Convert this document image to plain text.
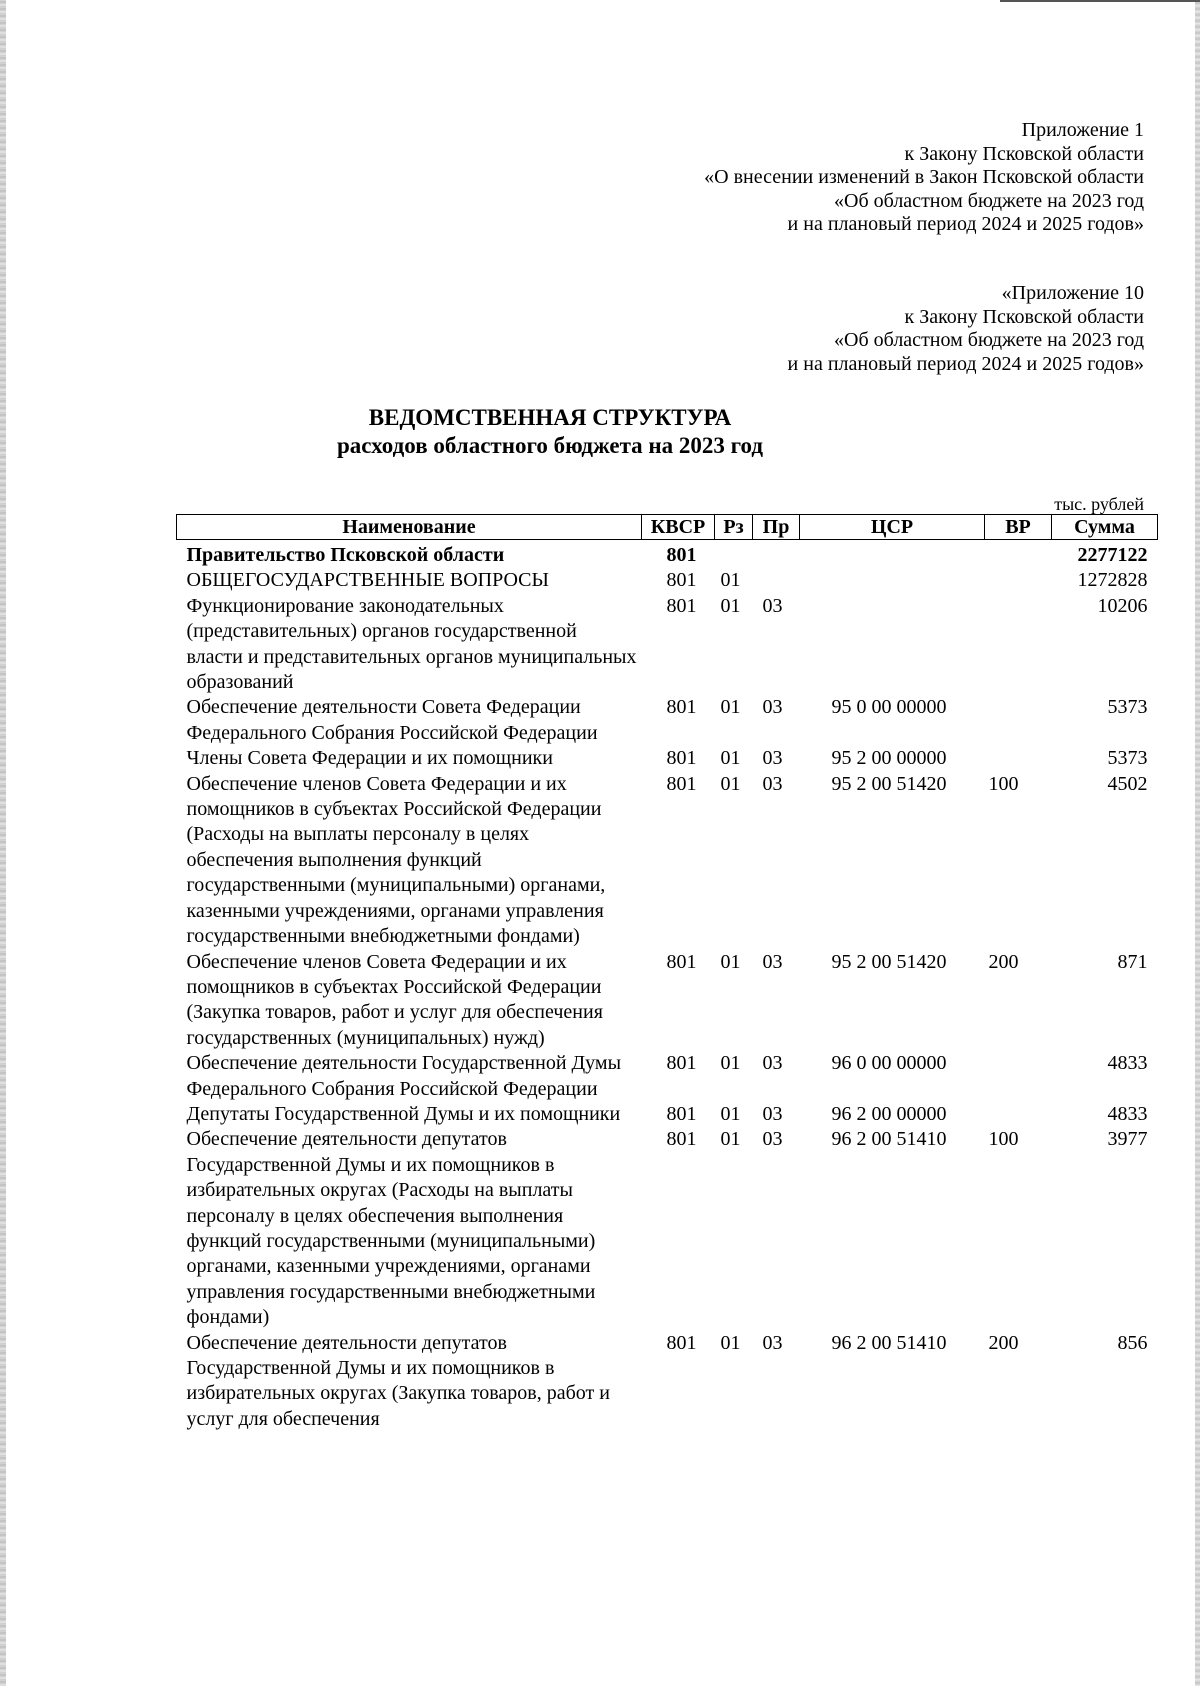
Приложение 1
к Закону Псковской области
«О внесении изменений в Закон Псковской области
«Об областном бюджете на 2023 год
и на плановый период 2024 и 2025 годов»
«Приложение 10
к Закону Псковской области
«Об областном бюджете на 2023 год
и на плановый период 2024 и 2025 годов»
ВЕДОМСТВЕННАЯ СТРУКТУРА
расходов областного бюджета на 2023 год
тыс. рублей
Наименование	КВСР	Рз	Пр	ЦСР	ВР	Сумма
Правительство Псковской области	801					2277122
ОБЩЕГОСУДАРСТВЕННЫЕ ВОПРОСЫ	801	01				1272828
Функционирование законодательных (представительных) органов государственной власти и представительных органов муниципальных образований	801	01	03			10206
Обеспечение деятельности Совета Федерации Федерального Собрания Российской Федерации	801	01	03	95 0 00 00000		5373
Члены Совета Федерации и их помощники	801	01	03	95 2 00 00000		5373
Обеспечение членов Совета Федерации и их помощников в субъектах Российской Федерации (Расходы на выплаты персоналу в целях обеспечения выполнения функций государственными (муниципальными) органами, казенными учреждениями, органами управления государственными внебюджетными фондами)	801	01	03	95 2 00 51420	100	4502
Обеспечение членов Совета Федерации и их помощников в субъектах Российской Федерации (Закупка товаров, работ и услуг для обеспечения государственных (муниципальных) нужд)	801	01	03	95 2 00 51420	200	871
Обеспечение деятельности Государственной Думы Федерального Собрания Российской Федерации	801	01	03	96 0 00 00000		4833
Депутаты Государственной Думы и их помощники	801	01	03	96 2 00 00000		4833
Обеспечение деятельности депутатов Государственной Думы и их помощников в избирательных округах (Расходы на выплаты персоналу в целях обеспечения выполнения функций государственными (муниципальными) органами, казенными учреждениями, органами управления государственными внебюджетными фондами)	801	01	03	96 2 00 51410	100	3977
Обеспечение деятельности депутатов Государственной Думы и их помощников в избирательных округах (Закупка товаров, работ и услуг для обеспечения	801	01	03	96 2 00 51410	200	856
